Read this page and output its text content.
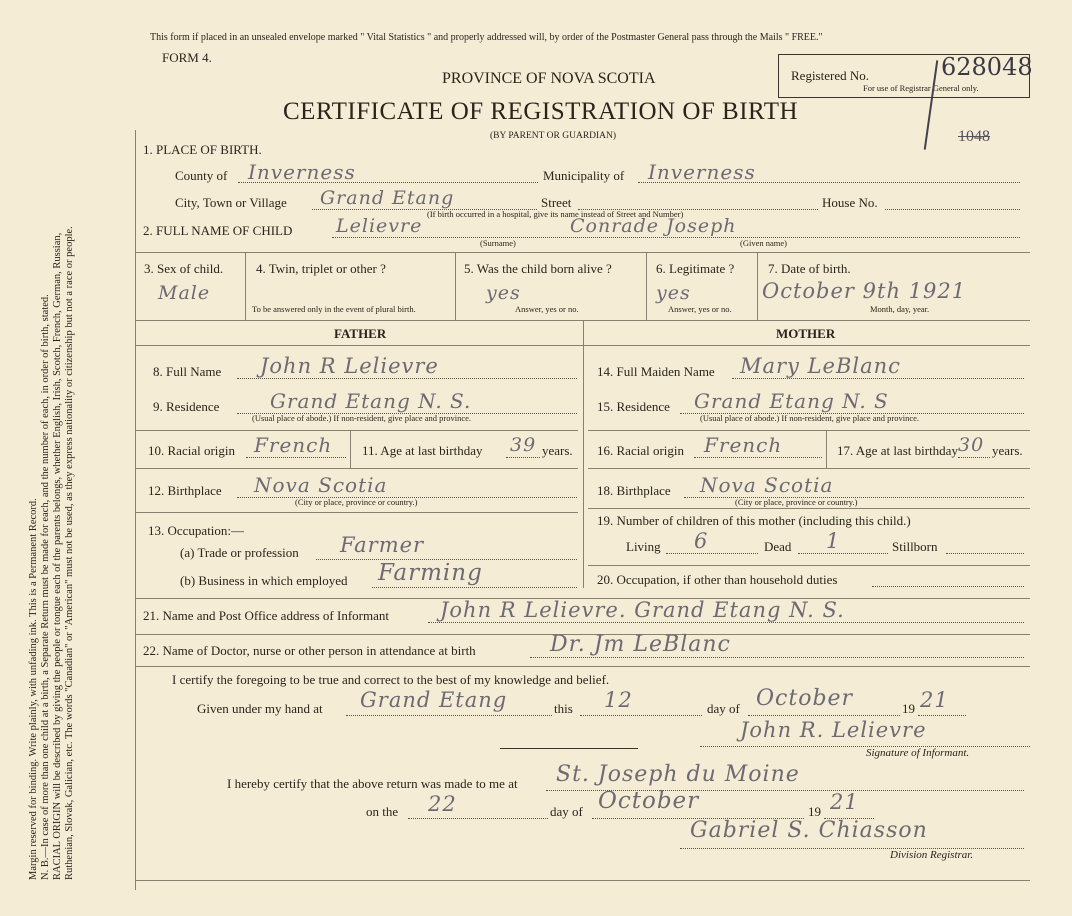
Margin reserved for binding. Write plainly, with unfading ink. This is a Permanent Record. N. B.—In case of more than one child at a birth, a Separate Return must be made for each, and the number of each, in order of birth, stated. RACIAL ORIGIN will be described by giving the people or tongue each of the parents belongs, whether English, Irish, Scotch, French, German, Russian, Ruthenian, Slovak, Galician, etc. The words "Canadian" or "American" must not be used, as they express nationality or citizenship but not a race or people.
This form if placed in an unsealed envelope marked " Vital Statistics " and properly addressed will, by order of the Postmaster General pass through the Mails " FREE."
FORM 4.
PROVINCE OF NOVA SCOTIA
CERTIFICATE OF REGISTRATION OF BIRTH
(BY PARENT OR GUARDIAN)
Registered No.	628048
For use of Registrar General only.
1048
1. PLACE OF BIRTH.
County of Inverness	Municipality of Inverness
City, Town or Village Grand Etang	Street	House No.
(If birth occurred in a hospital, give its name instead of Street and Number)
2. FULL NAME OF CHILD Lelievre	Conrade Joseph
(Surname)	(Given name)
3. Sex of child.
Male
4. Twin, triplet or other ?
To be answered only in the event of plural birth.
5. Was the child born alive ?
yes
Answer, yes or no.
6. Legitimate ?
yes
Answer, yes or no.
7. Date of birth.
October 9th 1921
Month, day, year.
FATHER	MOTHER
8. Full Name John R Lelievre
9. Residence	Grand Etang N. S.
(Usual place of abode.) If non-resident, give place and province.
10. Racial origin French 11. Age at last birthday 39 years.
12. Birthplace Nova Scotia
(City or place, province or country.)
13. Occupation:—
(a) Trade or profession Farmer
(b) Business in which employed Farming
14. Full Maiden Name Mary LeBlanc
15. Residence Grand Etang N. S
(Usual place of abode.) If non-resident, give place and province.
16. Racial origin French	17. Age at last birthday 30 years.
18. Birthplace Nova Scotia
(City or place, province or country.)
19. Number of children of this mother (including this child.)
Living 6	Dead 1	Stillborn
20. Occupation, if other than household duties
21. Name and Post Office address of Informant John R Lelievre. Grand Etang N. S.
22. Name of Doctor, nurse or other person in attendance at birth	Dr. Jm LeBlanc
I certify the foregoing to be true and correct to the best of my knowledge and belief.
Given under my hand at Grand Etang	this 12	day of October	19 21
John R. Lelievre
Signature of Informant.
I hereby certify that the above return was made to me at St. Joseph du Moine
on the 22	day of October	19 21
Gabriel S. Chiasson
Division Registrar.
